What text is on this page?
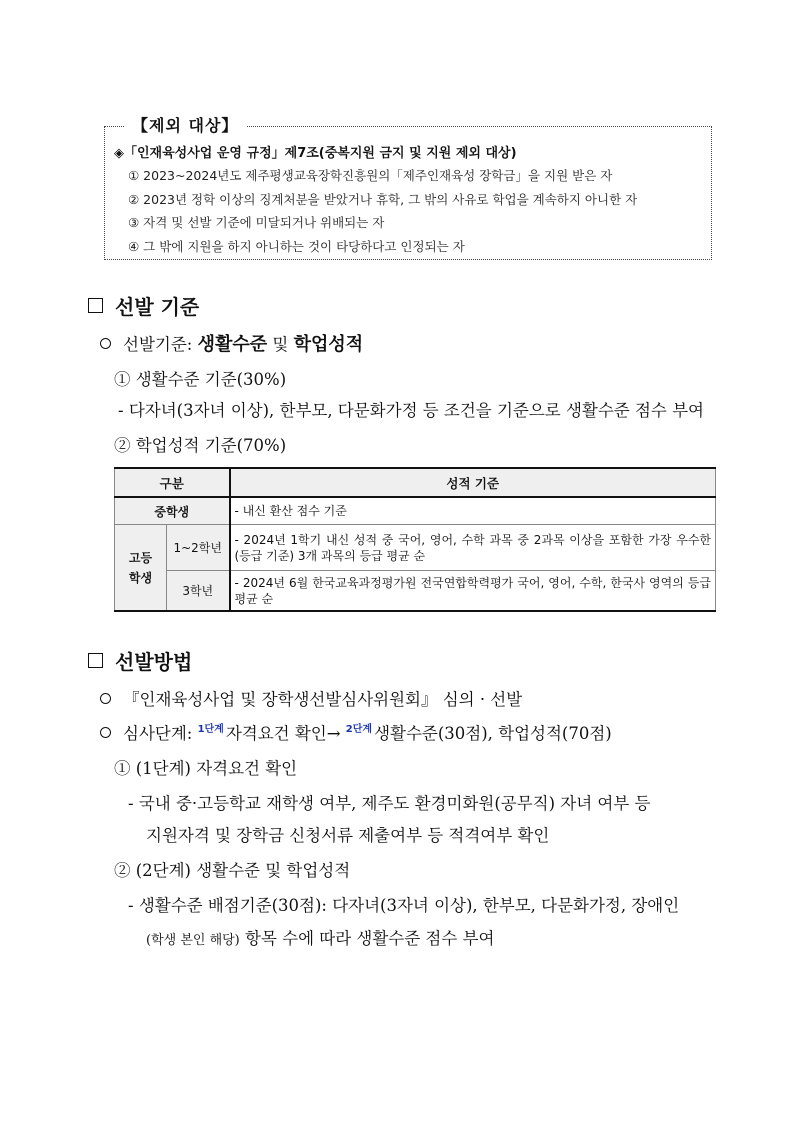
【제외 대상】
◈「인재육성사업 운영 규정」제7조(중복지원 금지 및 지원 제외 대상)
① 2023~2024년도 제주평생교육장학진흥원의「제주인재육성 장학금」을 지원 받은 자
② 2023년 정학 이상의 징계처분을 받았거나 휴학, 그 밖의 사유로 학업을 계속하지 아니한 자
③ 자격 및 선발 기준에 미달되거나 위배되는 자
④ 그 밖에 지원을 하지 아니하는 것이 타당하다고 인정되는 자
선발 기준
선발기준: 생활수준 및 학업성적
① 생활수준 기준(30%)
- 다자녀(3자녀 이상), 한부모, 다문화가정 등 조건을 기준으로 생활수준 점수 부여
② 학업성적 기준(70%)
구분		성적 기준
중학생		- 내신 환산 점수 기준
고등
학생	1~2학년	- 2024년 1학기 내신 성적 중 국어, 영어, 수학 과목 중 2과목 이상을 포함한 가장 우수한(등급 기준) 3개 과목의 등급 평균 순
	3학년	- 2024년 6월 한국교육과정평가원 전국연합학력평가 국어, 영어, 수학, 한국사 영역의 등급 평균 순
선발방법
『인재육성사업 및 장학생선발심사위원회』 심의 · 선발
심사단계: $^{1단계}$ 자격요건 확인→ $^{2단계}$ 생활수준(30점), 학업성적(70점)
① (1단계) 자격요건 확인
- 국내 중·고등학교 재학생 여부, 제주도 환경미화원(공무직) 자녀 여부 등
지원자격 및 장학금 신청서류 제출여부 등 적격여부 확인
② (2단계) 생활수준 및 학업성적
- 생활수준 배점기준(30점): 다자녀(3자녀 이상), 한부모, 다문화가정, 장애인
(학생 본인 해당) 항목 수에 따라 생활수준 점수 부여
